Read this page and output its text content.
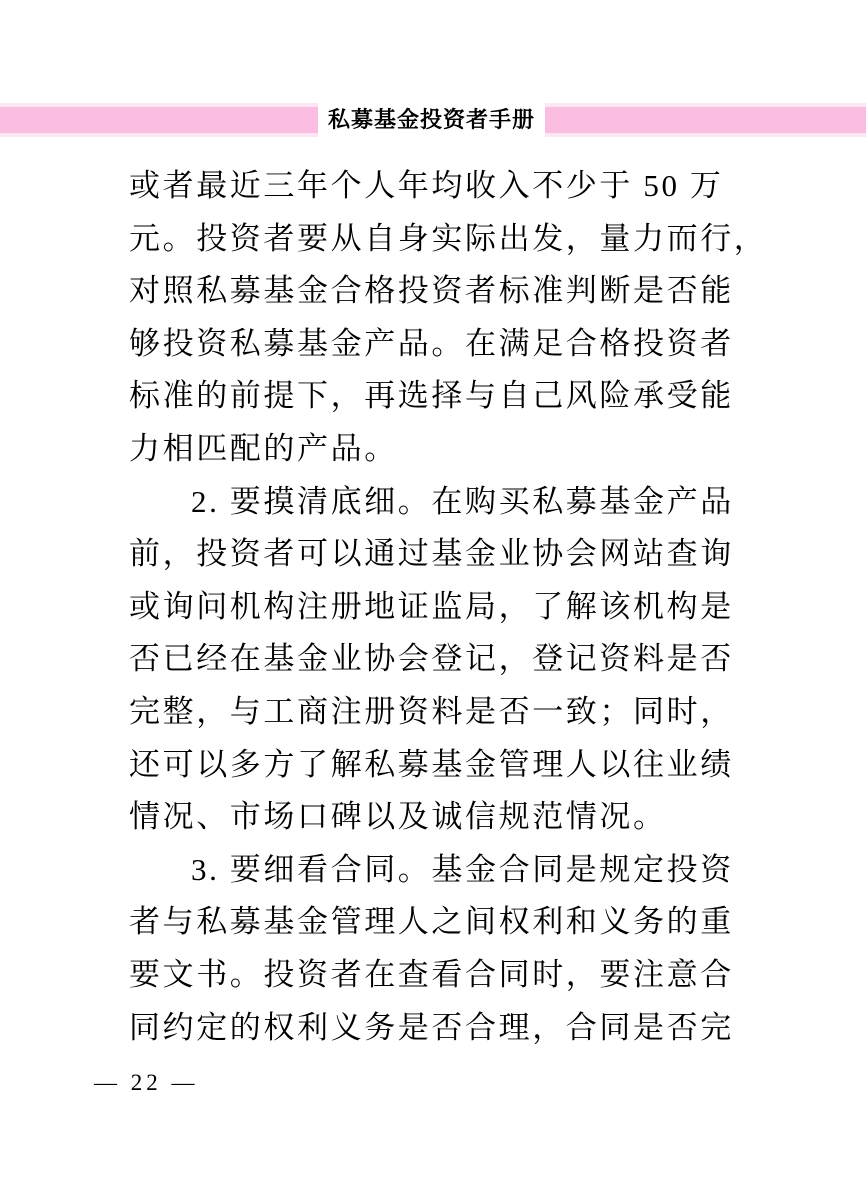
私募基金投资者手册
或者最近三年个人年均收入不少于 50 万
元。投资者要从自身实际出发，量力而行，
对照私募基金合格投资者标准判断是否能
够投资私募基金产品。在满足合格投资者
标准的前提下，再选择与自己风险承受能
力相匹配的产品。
2. 要摸清底细。在购买私募基金产品
前，投资者可以通过基金业协会网站查询
或询问机构注册地证监局，了解该机构是
否已经在基金业协会登记，登记资料是否
完整，与工商注册资料是否一致；同时，
还可以多方了解私募基金管理人以往业绩
情况、市场口碑以及诚信规范情况。
3. 要细看合同。基金合同是规定投资
者与私募基金管理人之间权利和义务的重
要文书。投资者在查看合同时，要注意合
同约定的权利义务是否合理，合同是否完
— 22 —
